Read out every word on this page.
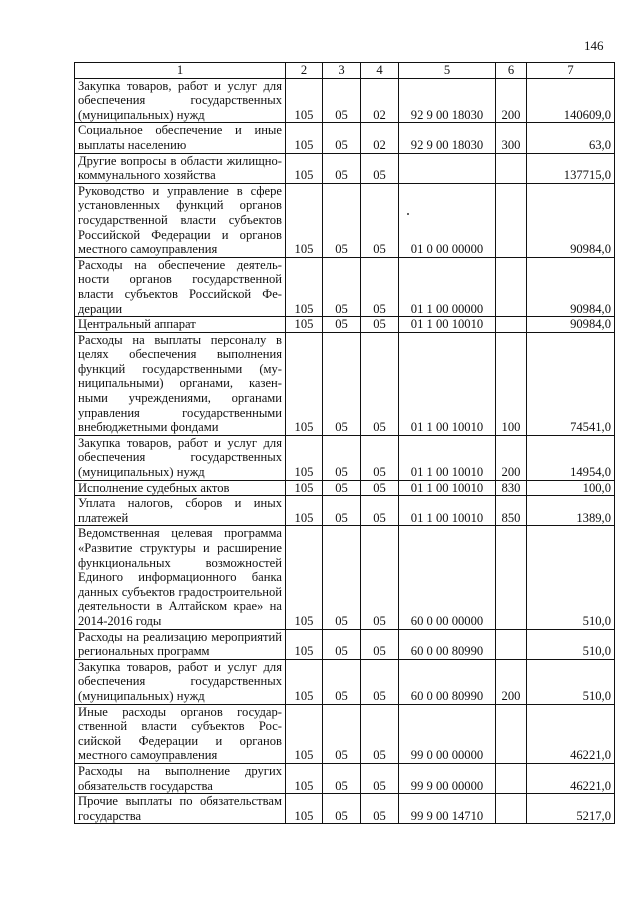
146
1	2	3	4	5	6	7
Закупка товаров, работ и услуг для обеспечения государственных (муниципальных) нужд	105	05	02	92 9 00 18030	200	140609,0
Социальное обеспечение и иные выплаты населению	105	05	02	92 9 00 18030	300	63,0
Другие вопросы в области жилищно-коммунального хозяйства	105	05	05			137715,0
Руководство и управление в сфере установленных функций органов государственной власти субъектов Российской Федерации и органов местного самоуправления	105	05	05	01 0 00 00000		90984,0
Расходы на обеспечение деятельности органов государственной власти субъектов Российской Федерации	105	05	05	01 1 00 00000		90984,0
Центральный аппарат	105	05	05	01 1 00 10010		90984,0
Расходы на выплаты персоналу в целях обеспечения выполнения функций государственными (муниципальными) органами, казенными учреждениями, органами управления государственными внебюджетными фондами	105	05	05	01 1 00 10010	100	74541,0
Закупка товаров, работ и услуг для обеспечения государственных (муниципальных) нужд	105	05	05	01 1 00 10010	200	14954,0
Исполнение судебных актов	105	05	05	01 1 00 10010	830	100,0
Уплата налогов, сборов и иных платежей	105	05	05	01 1 00 10010	850	1389,0
Ведомственная целевая программа «Развитие структуры и расширение функциональных возможностей Единого информационного банка данных субъектов градостроительной деятельности в Алтайском крае» на 2014-2016 годы	105	05	05	60 0 00 00000		510,0
Расходы на реализацию мероприятий региональных программ	105	05	05	60 0 00 80990		510,0
Закупка товаров, работ и услуг для обеспечения государственных (муниципальных) нужд	105	05	05	60 0 00 80990	200	510,0
Иные расходы органов государственной власти субъектов Российской Федерации и органов местного самоуправления	105	05	05	99 0 00 00000		46221,0
Расходы на выполнение других обязательств государства	105	05	05	99 9 00 00000		46221,0
Прочие выплаты по обязательствам государства	105	05	05	99 9 00 14710		5217,0
